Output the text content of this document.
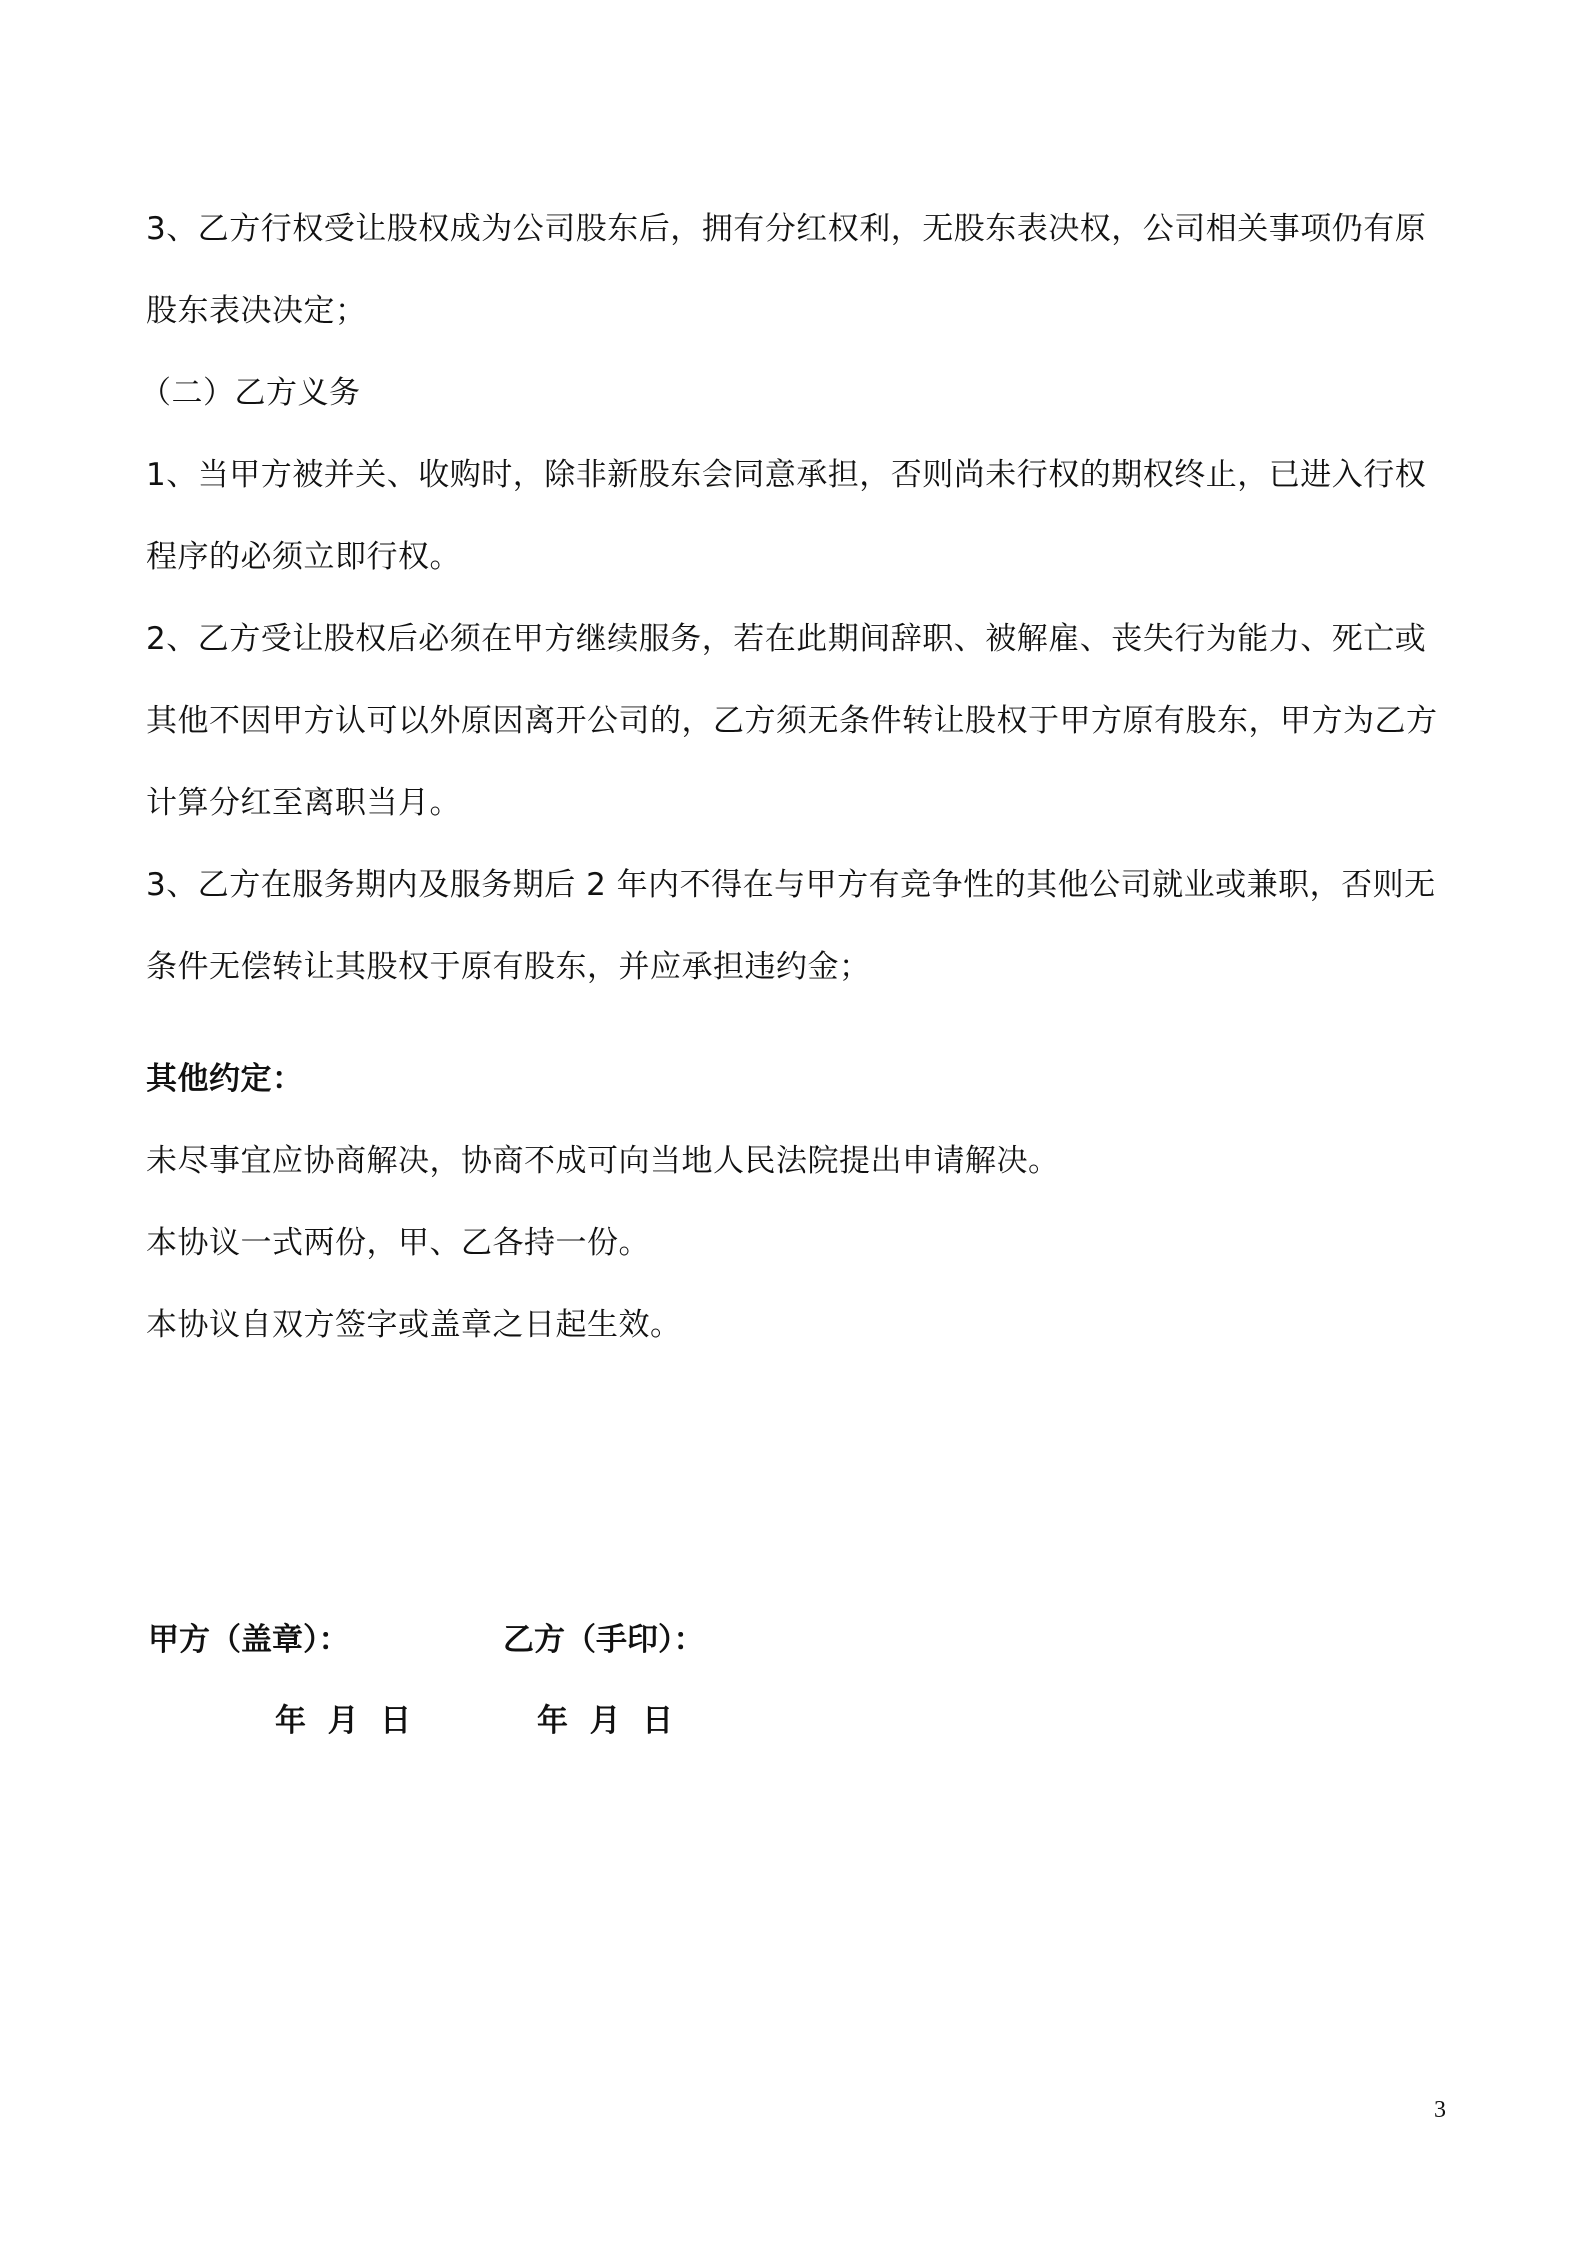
3、乙方行权受让股权成为公司股东后，拥有分红权利，无股东表决权，公司相关事项仍有原
股东表决决定；
（二）乙方义务
1、当甲方被并关、收购时，除非新股东会同意承担，否则尚未行权的期权终止，已进入行权
程序的必须立即行权。
2、乙方受让股权后必须在甲方继续服务，若在此期间辞职、被解雇、丧失行为能力、死亡或
其他不因甲方认可以外原因离开公司的，乙方须无条件转让股权于甲方原有股东，甲方为乙方
计算分红至离职当月。
3、乙方在服务期内及服务期后 2 年内不得在与甲方有竞争性的其他公司就业或兼职，否则无
条件无偿转让其股权于原有股东，并应承担违约金；
其他约定：
未尽事宜应协商解决，协商不成可向当地人民法院提出申请解决。
本协议一式两份，甲、乙各持一份。
本协议自双方签字或盖章之日起生效。
甲方（盖章）：	乙方（手印）：
年  月  日	年  月  日
3
